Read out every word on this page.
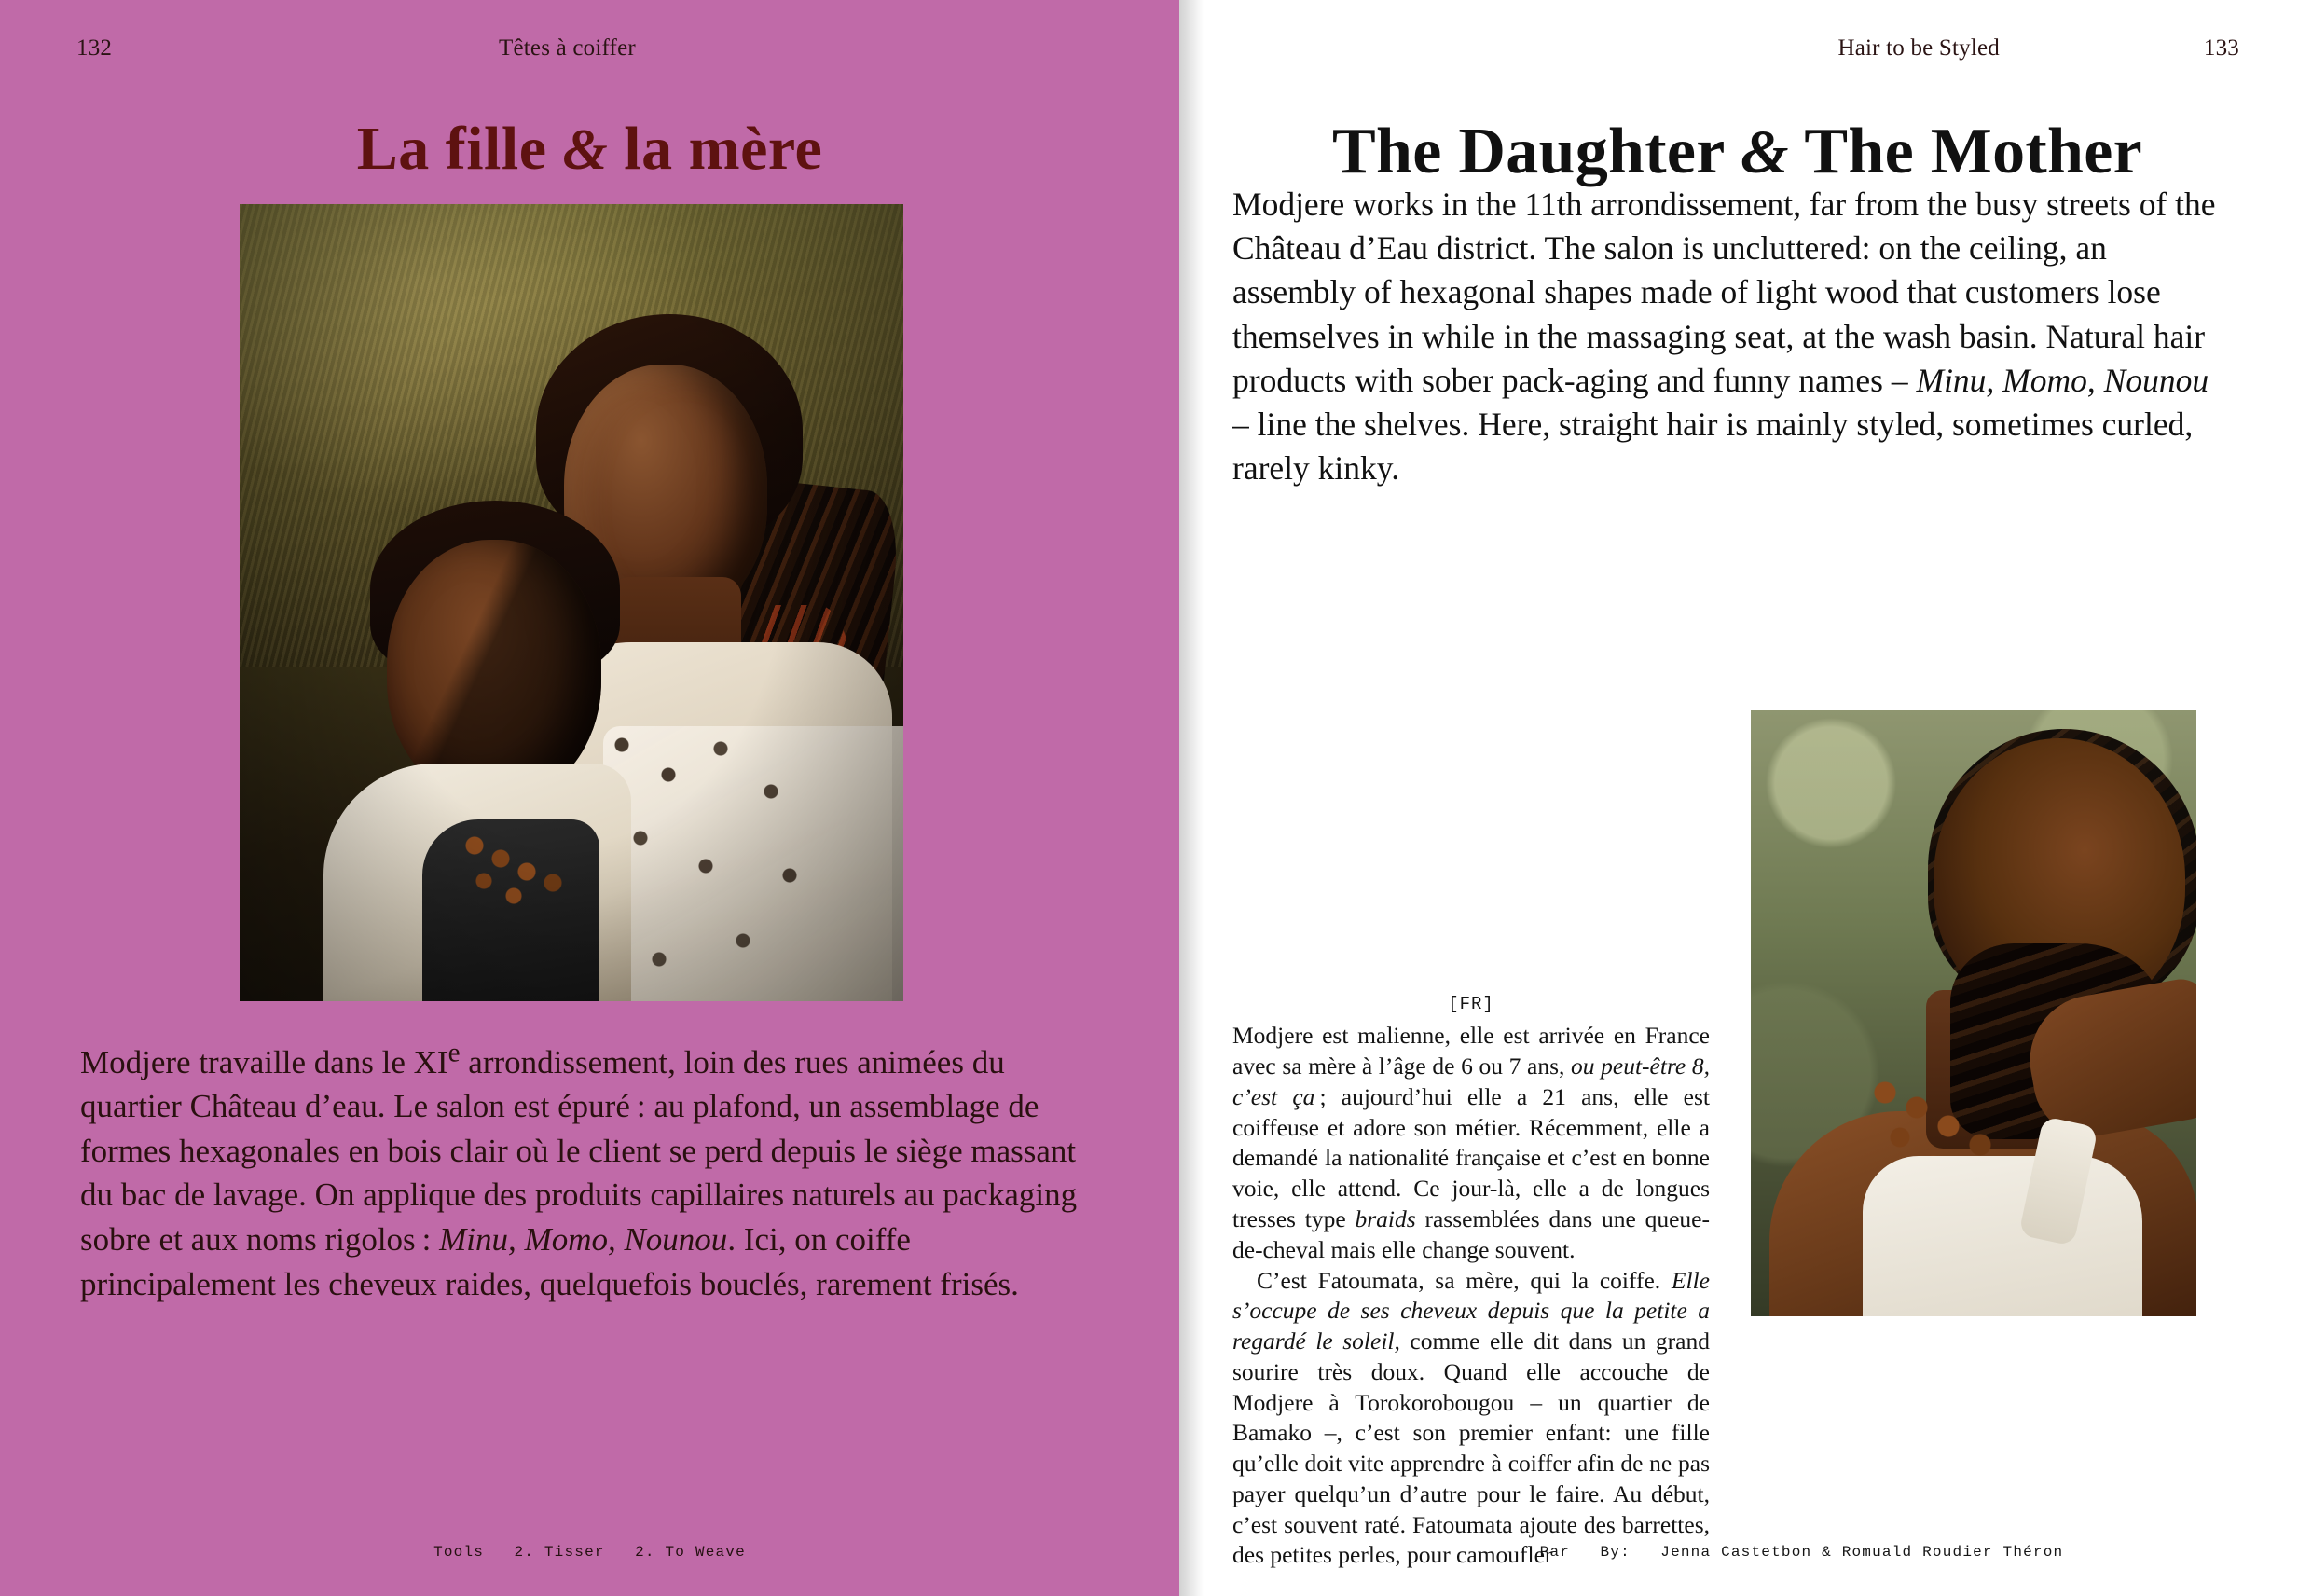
132	Têtes à coiffer
La fille & la mère
Modjere travaille dans le XIe arrondissement, loin des rues animées du quartier Château d’eau. Le salon est épuré : au plafond, un assemblage de formes hexagonales en bois clair où le client se perd depuis le siège massant du bac de lavage. On applique des produits capillaires naturels au packaging sobre et aux noms rigolos : Minu, Momo, Nounou. Ici, on coiffe principalement les cheveux raides, quelquefois bouclés, rarement frisés.
Tools   2. Tisser   2. To Weave
Hair to be Styled	133
The Daughter & The Mother
Modjere works in the 11th arrondissement, far from the busy streets of the Château d’Eau district. The salon is uncluttered: on the ceiling, an assembly of hexagonal shapes made of light wood that customers lose themselves in while in the massaging seat, at the wash basin. Natural hair products with sober pack‑aging and funny names – Minu, Momo, Nounou – line the shelves. Here, straight hair is mainly styled, sometimes curled, rarely kinky.
[FR]

Modjere est malienne, elle est arrivée en France avec sa mère à l’âge de 6 ou 7 ans, ou peut-être 8, c’est ça ; aujourd’hui elle a 21 ans, elle est coiffeuse et adore son métier. Récemment, elle a demandé la nationalité française et c’est en bonne voie, elle attend. Ce jour-là, elle a de longues tresses type braids rassemblées dans une queue-de-cheval mais elle change souvent.

C’est Fatoumata, sa mère, qui la coiffe. Elle s’occupe de ses cheveux depuis que la petite a regardé le soleil, comme elle dit dans un grand sourire très doux. Quand elle accouche de Modjere à Torokorobougou – un quartier de Bamako –, c’est son premier enfant: une fille qu’elle doit vite apprendre à coiffer afin de ne pas payer quelqu’un d’autre pour le faire. Au début, c’est souvent raté. Fatoumata ajoute des barrettes, des petites perles, pour camoufler

Par   By:   Jenna Castetbon & Romuald Roudier Théron
